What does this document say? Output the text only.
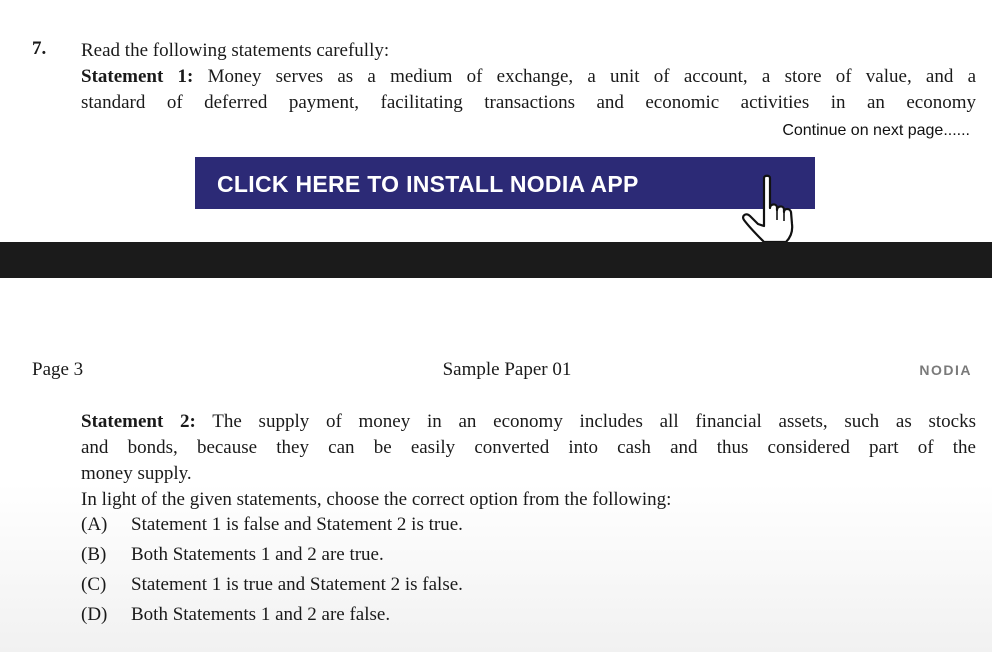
7. Read the following statements carefully:

Statement 1: Money serves as a medium of exchange, a unit of account, a store of value, and a

standard of deferred payment, facilitating transactions and economic activities in an economy

Continue on next page......
CLICK HERE TO INSTALL NODIA APP
Page 3	Sample Paper 01	NODIA

Statement 2: The supply of money in an economy includes all financial assets, such as stocks

and bonds, because they can be easily converted into cash and thus considered part of the

money supply.

In light of the given statements, choose the correct option from the following:

(A)	Statement 1 is false and Statement 2 is true.
(B)	Both Statements 1 and 2 are true.
(C)	Statement 1 is true and Statement 2 is false.
(D)	Both Statements 1 and 2 are false.
